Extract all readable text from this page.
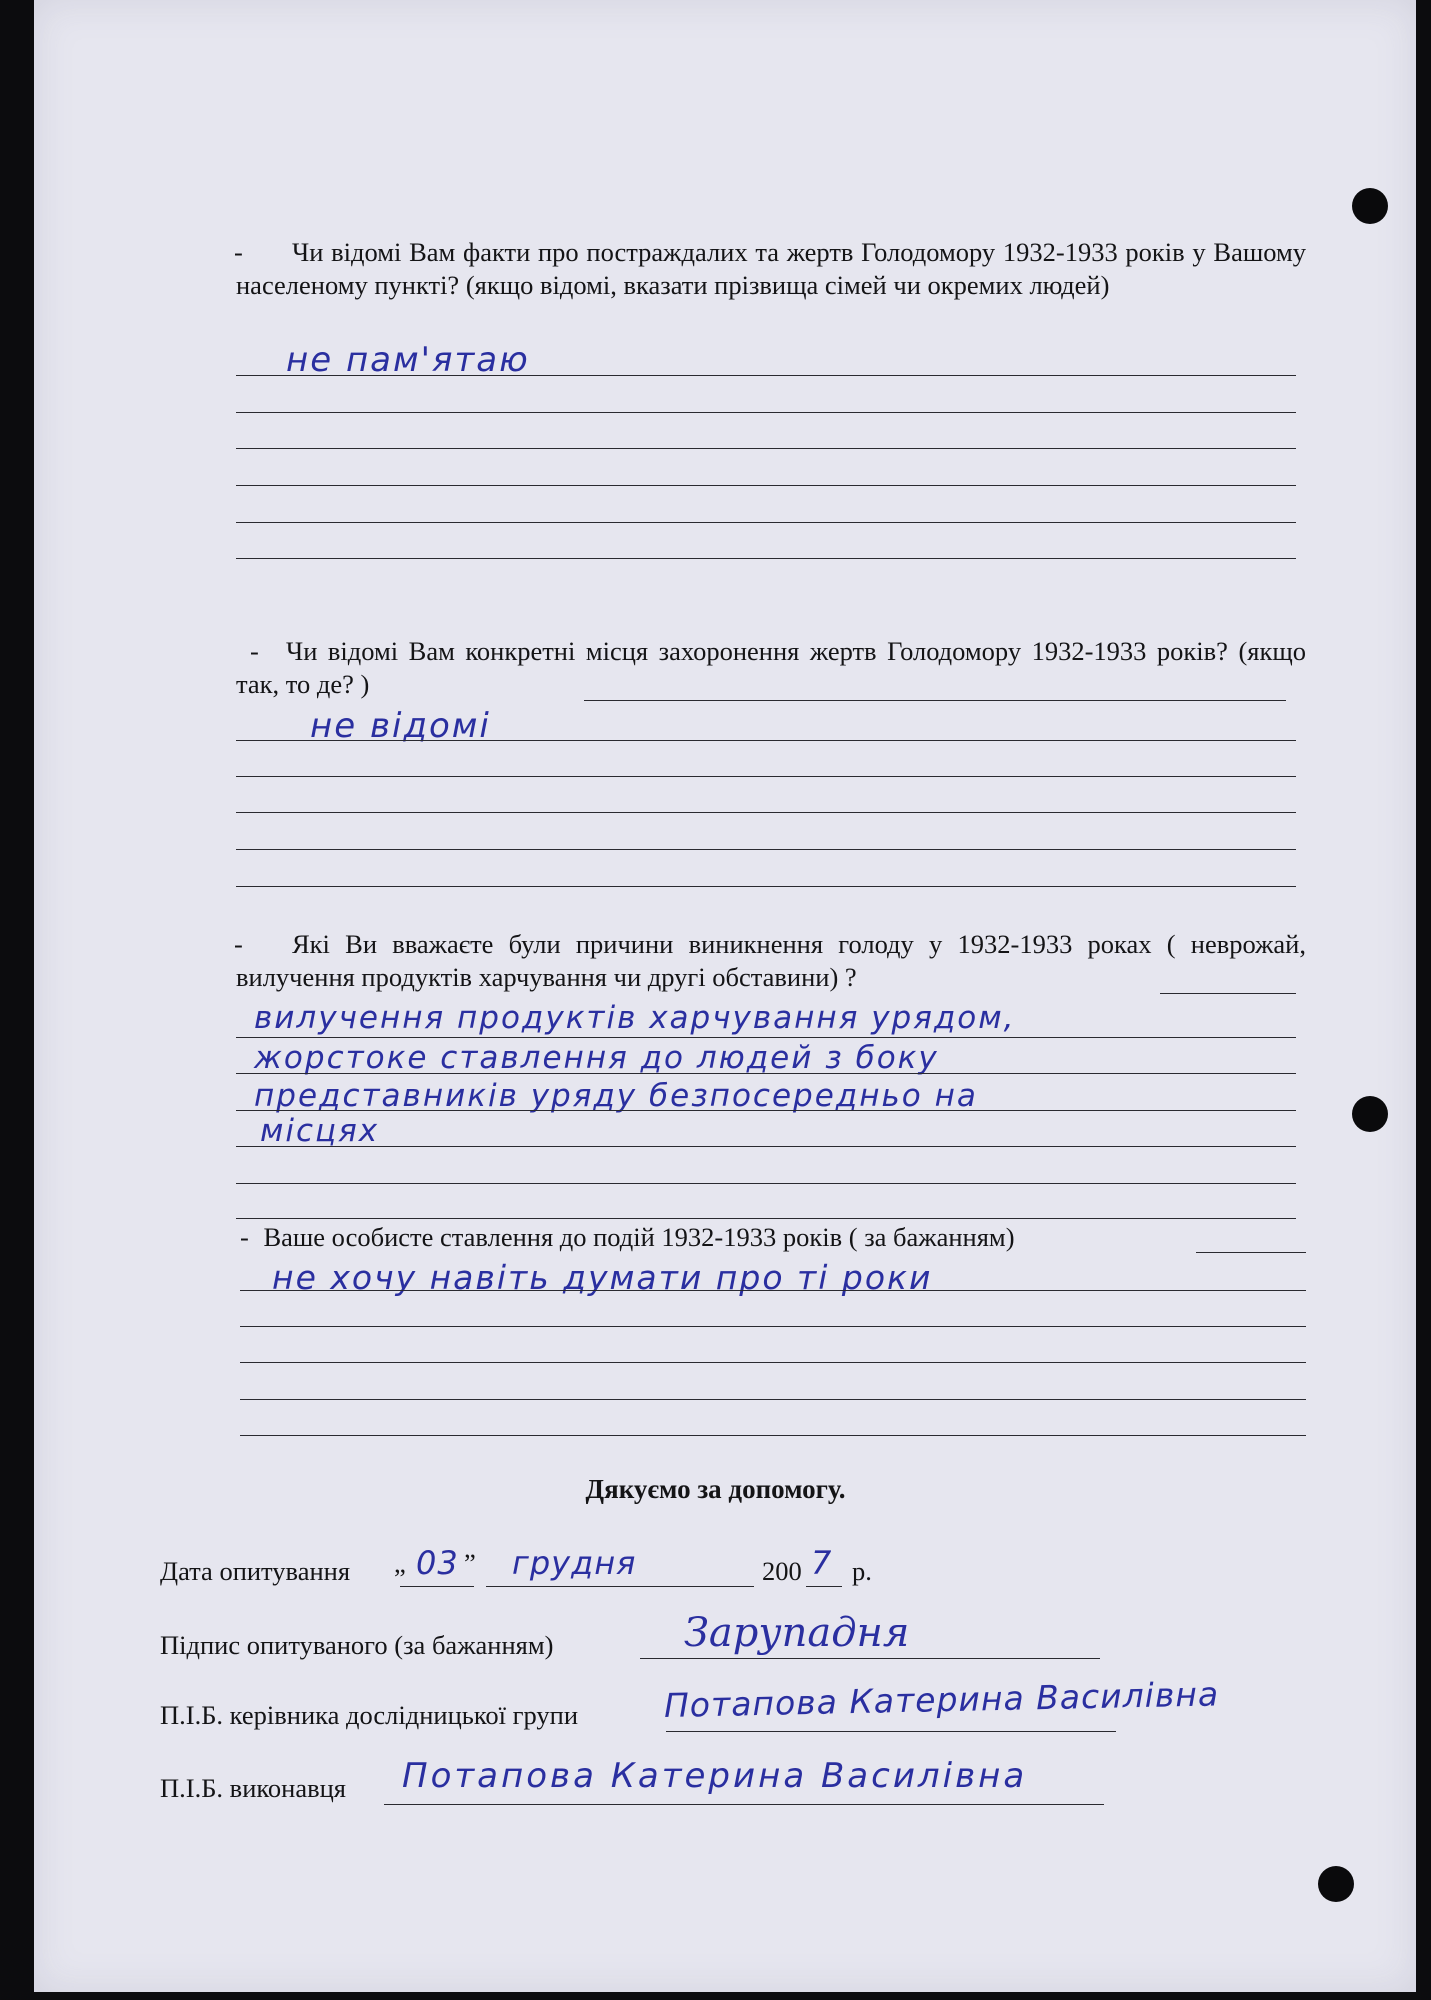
- Чи відомі Вам факти про постраждалих та жертв Голодомору 1932-1933 років у Вашому населеному пункті? (якщо відомі, вказати прізвища сімей чи окремих людей)
не пам'ятаю
- Чи відомі Вам конкретні місця захоронення жертв Голодомору 1932-1933 років? (якщо так, то де? )
не відомі
- Які Ви вважаєте були причини виникнення голоду у 1932-1933 роках ( неврожай, вилучення продуктів харчування чи другі обставини) ?
вилучення продуктів харчування урядом,
жорстоке ставлення до людей з боку
представників уряду безпосередньо на
місцях
- Ваше особисте ставлення до подій 1932-1933 років ( за бажанням)
не хочу навіть думати про ті роки
Дякуємо за допомогу.
Дата опитування „ 03 ” грудня	200 7 р.
Підпис опитуваного (за бажанням)	Зарупадня
П.І.Б. керівника дослідницької групи	Потапова Катерина Василівна
П.І.Б. виконавця Потапова Катерина Василівна
